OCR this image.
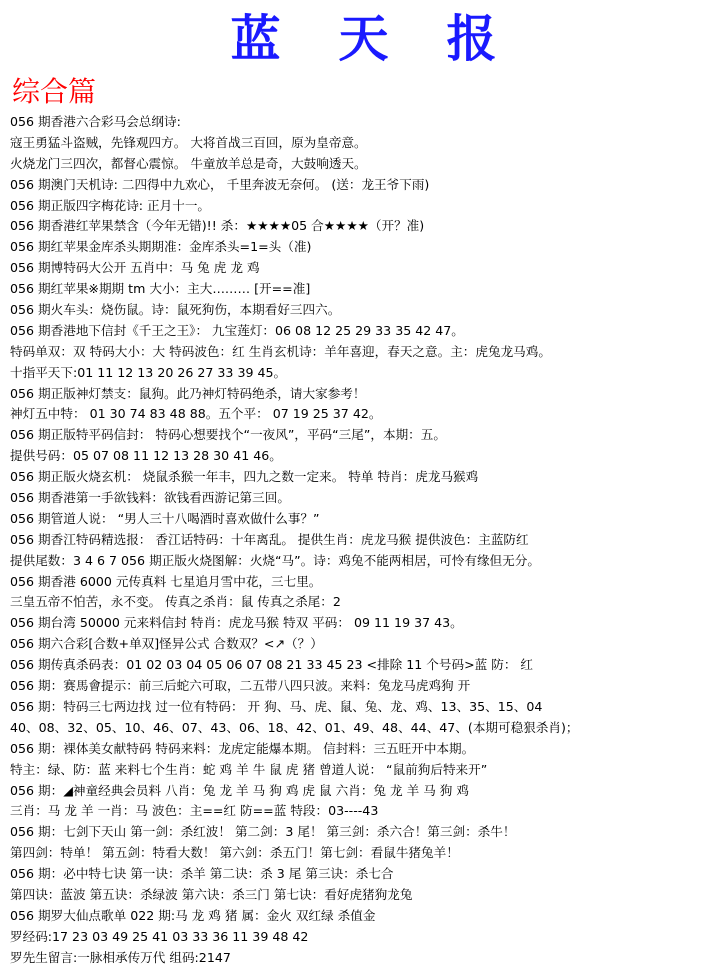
蓝天报
综合篇
056 期香港六合彩马会总纲诗:
寇王勇猛斗盗贼，先锋观四方。 大将首战三百回，原为皇帝意。
火烧龙门三四次，都督心震惊。 牛童放羊总是奇，大鼓响透天。
056 期澳门天机诗: 二四得中九欢心， 千里奔波无奈何。 (送：龙王爷下雨)
056 期正版四字梅花诗: 正月十一。
056 期香港红苹果禁含（今年无错)!! 杀：★★★★05 合★★★★（开？准)
056 期红苹果金库杀头期期准：金库杀头=1=头（准)
056 期博特码大公开 五肖中：马 兔 虎 龙 鸡
056 期红苹果※期期 tm 大小：主大……… [开==准]
056 期火车头：烧伤鼠。诗：鼠死狗伤，本期看好三四六。
056 期香港地下信封《千王之王》： 九宝莲灯：06 08 12 25 29 33 35 42 47。
特码单双：双 特码大小：大 特码波色：红 生肖玄机诗：羊年喜迎，春天之意。主：虎兔龙马鸡。
十指平天下:01 11 12 13 20 26 27 33 39 45。
056 期正版神灯禁支：鼠狗。此乃神灯特码绝杀，请大家参考！
神灯五中特： 01 30 74 83 48 88。五个平： 07 19 25 37 42。
056 期正版特平码信封： 特码心想要找个“一夜风”，平码“三尾”，本期：五。
提供号码：05 07 08 11 12 13 28 30 41 46。
056 期正版火烧玄机： 烧鼠杀猴一年丰，四九之数一定来。 特单 特肖：虎龙马猴鸡
056 期香港第一手欲钱料：欲钱看西游记第三回。
056 期管道人说： “男人三十八喝酒时喜欢做什么事？”
056 期香江特码精选报： 香江话特码：十年离乱。 提供生肖：虎龙马猴 提供波色：主蓝防红
提供尾数：3 4 6 7 056 期正版火烧图解：火烧“马”。诗：鸡兔不能两相居，可怜有缘但无分。
056 期香港 6000 元传真料 七星追月雪中花，三七里。
三皇五帝不怕苦，永不变。 传真之杀肖：鼠 传真之杀尾：2
056 期台湾 50000 元来料信封 特肖：虎龙马猴 特双 平码： 09 11 19 37 43。
056 期六合彩[合数+单双]怪异公式 合数双？<↗（？）
056 期传真杀码表：01 02 03 04 05 06 07 08 21 33 45 23 <排除 11 个号码>蓝 防： 红
056 期：赛馬會提示：前三后蛇六可取，二五带八四只波。来料：兔龙马虎鸡狗 开
056 期：特码三七两边找 过一位有特码： 开 狗、马、虎、鼠、兔、龙、鸡、13、35、15、04
40、08、32、05、10、46、07、43、06、18、42、01、49、48、44、47、(本期可稳狠杀肖)；
056 期：裸体美女献特码 特码来料：龙虎定能爆本期。 信封料：三五旺开中本期。
特主：绿、防：蓝 来料七个生肖：蛇 鸡 羊 牛 鼠 虎 猪 曾道人说： “鼠前狗后特来开”
056 期：◢神童经典会员料 八肖：兔 龙 羊 马 狗 鸡 虎 鼠 六肖：兔 龙 羊 马 狗 鸡
三肖：马 龙 羊 一肖：马 波色：主==红 防==蓝 特段：03----43
056 期：七剑下天山 第一剑：杀红波！ 第二剑：3 尾！ 第三剑：杀六合！第三剑：杀牛！
第四剑：特单！ 第五剑：特看大数！ 第六剑：杀五门！第七剑：看鼠牛猪兔羊！
056 期：必中特七诀 第一诀：杀羊 第二诀：杀 3 尾 第三诀：杀七合
第四诀：蓝波 第五诀：杀绿波 第六诀：杀三门 第七诀：看好虎猪狗龙兔
056 期罗大仙点歌单 022 期:马 龙 鸡 猪 属：金火 双红绿 杀值金
罗经码:17 23 03 49 25 41 03 33 36 11 39 48 42
罗先生留言:一脉相承传万代 组码:2147
